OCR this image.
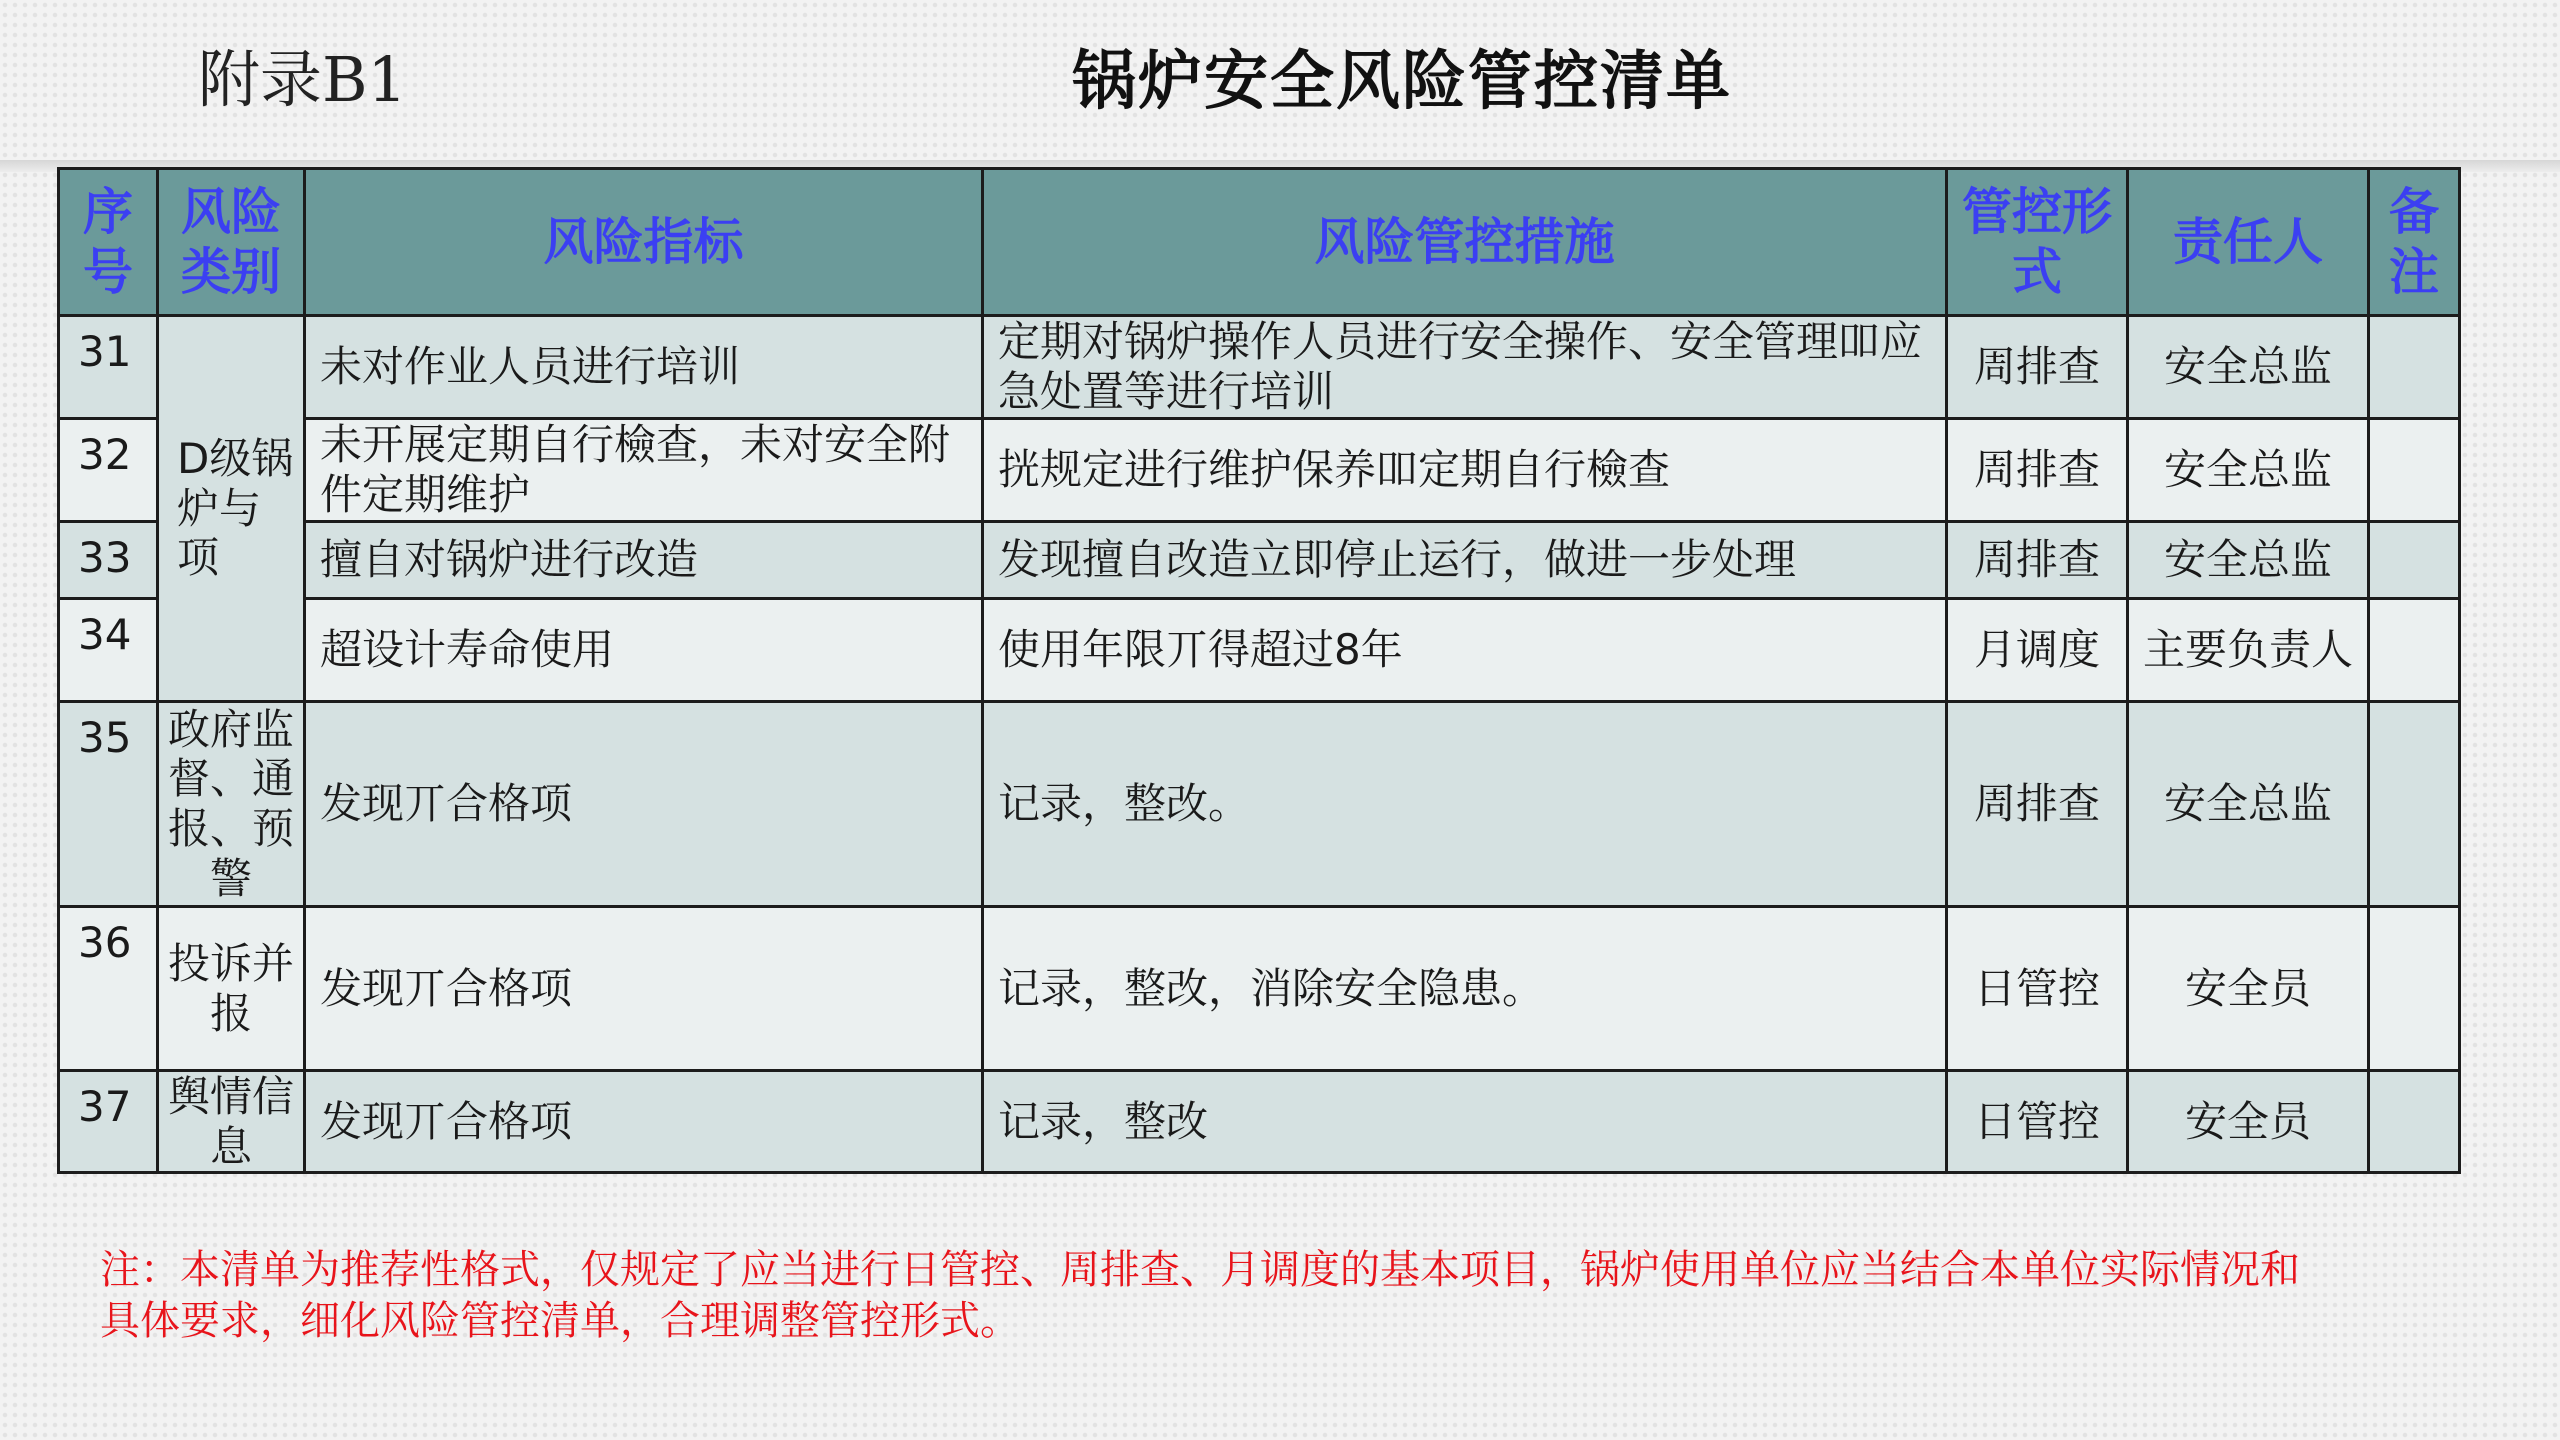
附录B1	锅炉安全风险管控清单
序号	风险类别	风险指标	风险管控措施	管控形式	责任人	备注
31	D级锅炉与项	未对作业人员进行培训	定期对锅炉操作人员进行安全操作、安全管理吅应急处置等进行培训	周排查	安全总监	
32		未开展定期自行檢查，未对安全附件定期维护	挄规定进行维护保养吅定期自行檢查	周排查	安全总监	
33		擅自对锅炉进行改造	发现擅自改造立即停止运行，做进一步处理	周排查	安全总监	
34		超设计寿命使用	使用年限丌得超过8年	月调度	主要负责人	
35	政府监督、通报、预警	发现丌合格项	记录，整改。	周排查	安全总监	
36	投诉并报	发现丌合格项	记录，整改，消除安全隐患。	日管控	安全员	
37	舆情信息	发现丌合格项	记录，整改	日管控	安全员	
注：本清单为推荐性格式，仅规定了应当进行日管控、周排查、月调度的基本项目，锅炉使用单位应当结合本单位实际情况和
具体要求，细化风险管控清单，合理调整管控形式。
